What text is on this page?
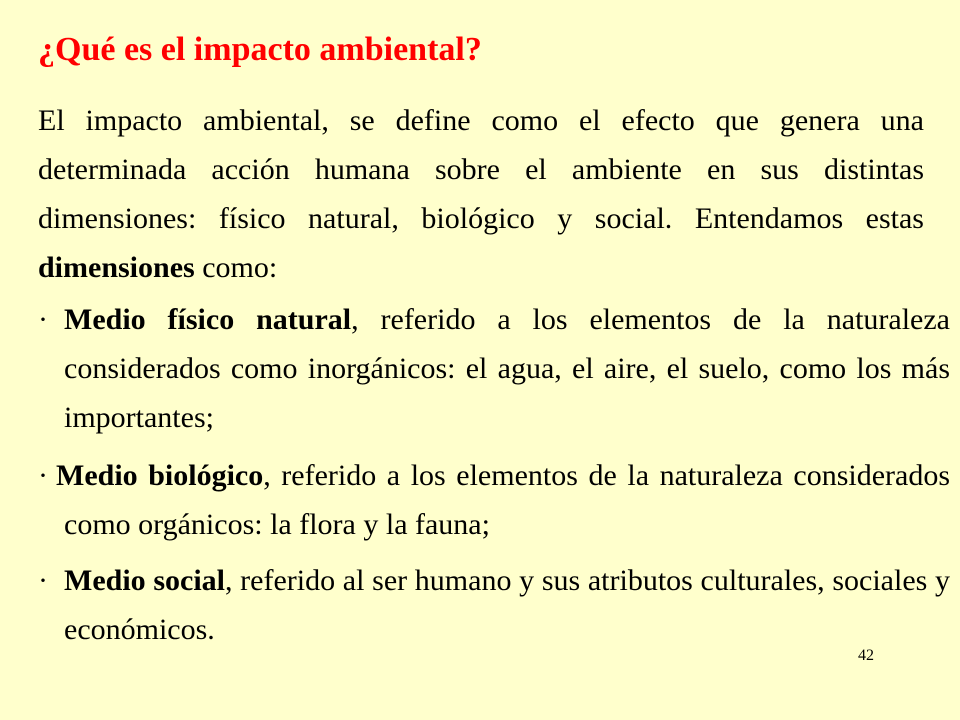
¿Qué es el impacto ambiental?

El impacto ambiental, se define como el efecto que genera una determinada acción humana sobre el ambiente en sus distintas dimensiones: físico natural, biológico y social. Entendamos estas dimensiones como:

· Medio físico natural, referido a los elementos de la naturaleza considerados como inorgánicos: el agua, el aire, el suelo, como los más importantes;

· Medio biológico, referido a los elementos de la naturaleza considerados como orgánicos: la flora y la fauna;

· Medio social, referido al ser humano y sus atributos culturales, sociales y económicos.

42
